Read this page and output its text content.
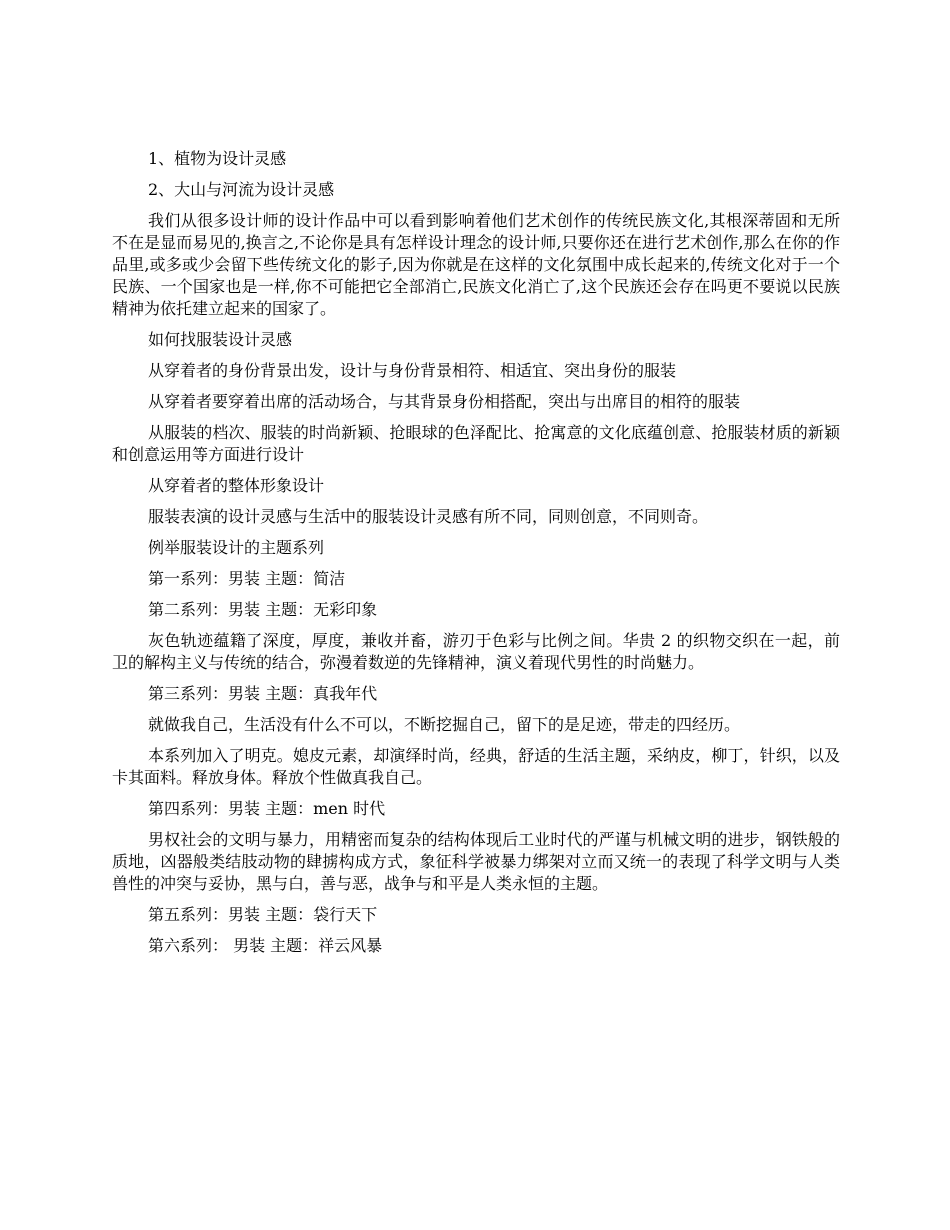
1、植物为设计灵感

2、大山与河流为设计灵感

我们从很多设计师的设计作品中可以看到影响着他们艺术创作的传统民族文化,其根深蒂固和无所不在是显而易见的,换言之,不论你是具有怎样设计理念的设计师,只要你还在进行艺术创作,那么在你的作品里,或多或少会留下些传统文化的影子,因为你就是在这样的文化氛围中成长起来的,传统文化对于一个民族、一个国家也是一样,你不可能把它全部消亡,民族文化消亡了,这个民族还会存在吗更不要说以民族精神为依托建立起来的国家了。

如何找服装设计灵感

从穿着者的身份背景出发，设计与身份背景相符、相适宜、突出身份的服装

从穿着者要穿着出席的活动场合，与其背景身份相搭配，突出与出席目的相符的服装

从服装的档次、服装的时尚新颖、抢眼球的色泽配比、抢寓意的文化底蕴创意、抢服装材质的新颖和创意运用等方面进行设计

从穿着者的整体形象设计

服装表演的设计灵感与生活中的服装设计灵感有所不同，同则创意，不同则奇。

例举服装设计的主题系列

第一系列：男装 主题：简洁

第二系列：男装 主题：无彩印象

灰色轨迹蕴籍了深度，厚度，兼收并畜，游刃于色彩与比例之间。华贵 2 的织物交织在一起，前卫的解构主义与传统的结合，弥漫着数逆的先锋精神，演义着现代男性的时尚魅力。

第三系列：男装 主题：真我年代

就做我自己，生活没有什么不可以，不断挖掘自己，留下的是足迹，带走的四经历。

本系列加入了明克。媳皮元素，却演绎时尚，经典，舒适的生活主题，采纳皮，柳丁，针织，以及卡其面料。释放身体。释放个性做真我自己。

第四系列：男装 主题：men 时代

男权社会的文明与暴力，用精密而复杂的结构体现后工业时代的严谨与机械文明的进步，钢铁般的质地，凶器般类结肢动物的肆掳构成方式，象征科学被暴力绑架对立而又统一的表现了科学文明与人类兽性的冲突与妥协，黑与白，善与恶，战争与和平是人类永恒的主题。

第五系列：男装 主题：袋行天下

第六系列： 男装 主题：祥云风暴
